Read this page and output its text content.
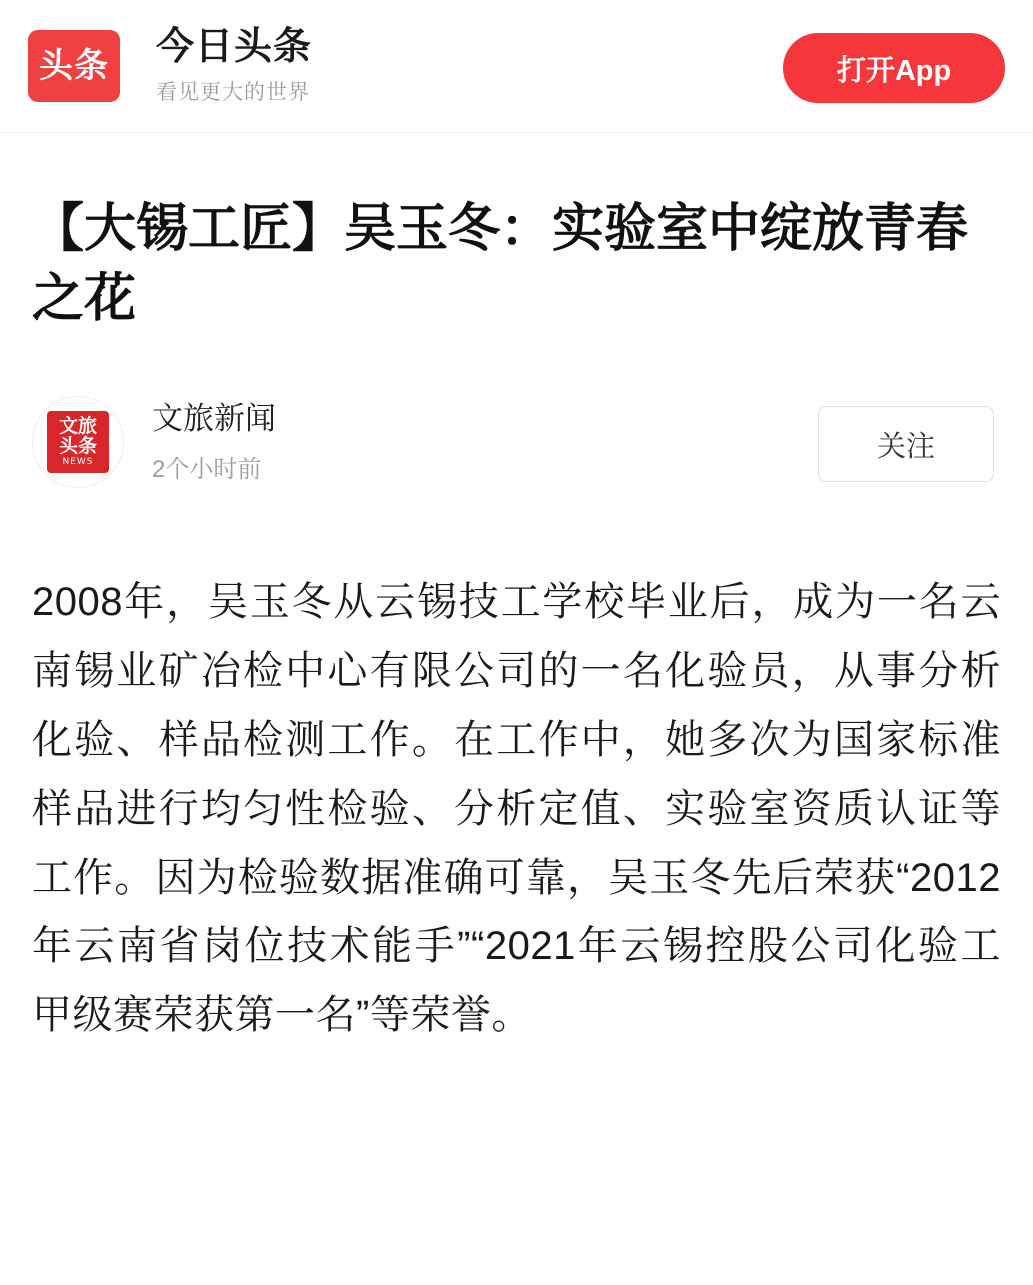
头条 今日头条
看见更大的世界
打开App
【大锡工匠】吴玉冬：实验室中绽放青春之花
文旅
头条
NEWS
文旅新闻
2个小时前
关注

2008年，吴玉冬从云锡技工学校毕业后，成为一名云南锡业矿冶检中心有限公司的一名化验员，从事分析化验、样品检测工作。在工作中，她多次为国家标准样品进行均匀性检验、分析定值、实验室资质认证等工作。因为检验数据准确可靠，吴玉冬先后荣获“2012年云南省岗位技术能手”“2021年云锡控股公司化验工甲级赛荣获第一名”等荣誉。
